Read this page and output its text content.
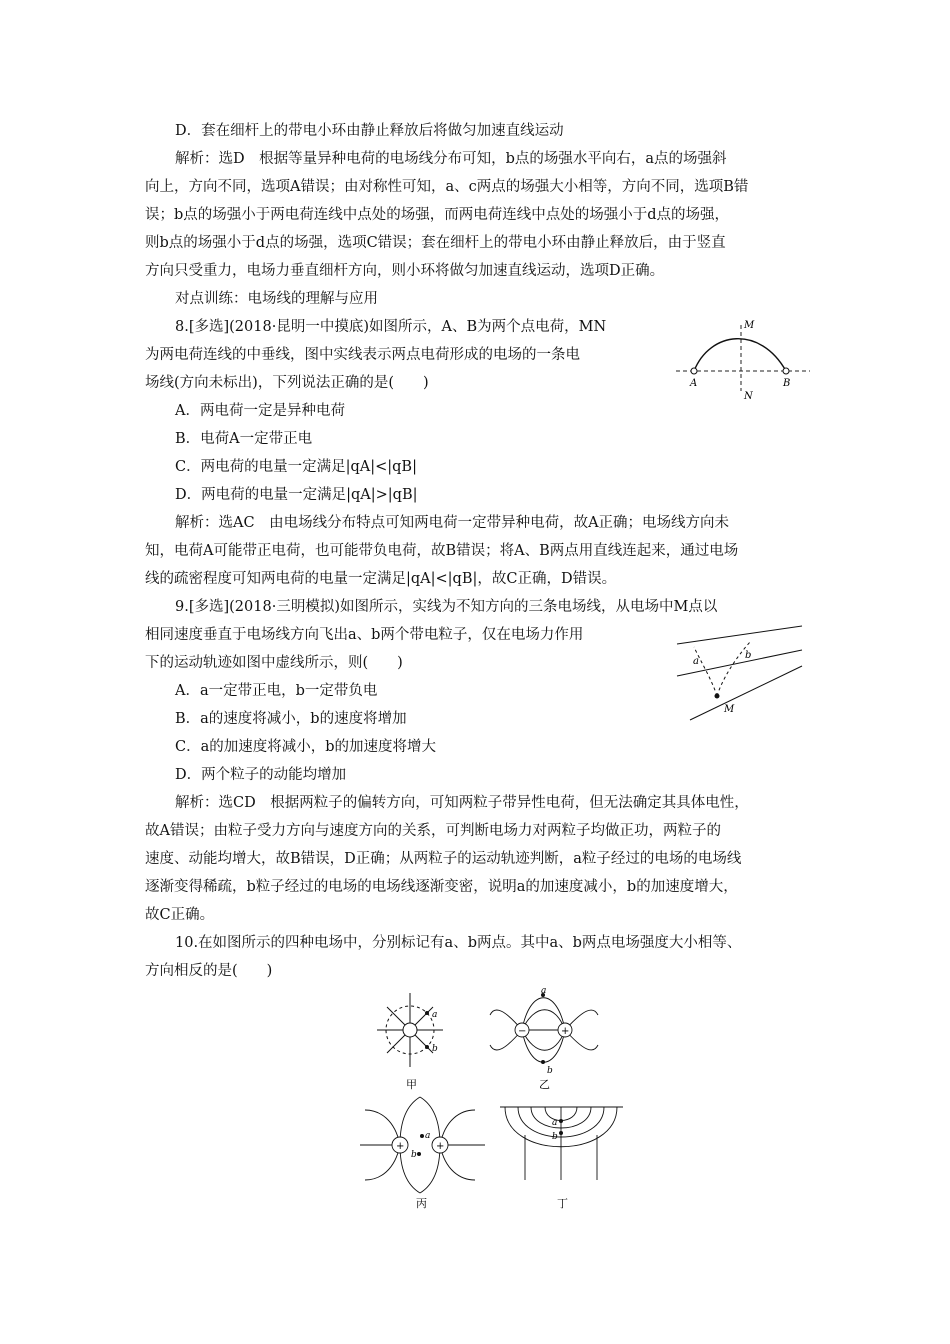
D．套在细杆上的带电小环由静止释放后将做匀加速直线运动
解析：选D　根据等量异种电荷的电场线分布可知，b点的场强水平向右，a点的场强斜
向上，方向不同，选项A错误；由对称性可知，a、c两点的场强大小相等，方向不同，选项B错
误；b点的场强小于两电荷连线中点处的场强，而两电荷连线中点处的场强小于d点的场强，
则b点的场强小于d点的场强，选项C错误；套在细杆上的带电小环由静止释放后，由于竖直
方向只受重力，电场力垂直细杆方向，则小环将做匀加速直线运动，选项D正确。
对点训练：电场线的理解与应用
8.[多选](2018·昆明一中摸底)如图所示，A、B为两个点电荷，MN
为两电荷连线的中垂线，图中实线表示两点电荷形成的电场的一条电
场线(方向未标出)，下列说法正确的是(　　)
A．两电荷一定是异种电荷
B．电荷A一定带正电
C．两电荷的电量一定满足|qA|<|qB|
D．两电荷的电量一定满足|qA|>|qB|
解析：选AC　由电场线分布特点可知两电荷一定带异种电荷，故A正确；电场线方向未
知，电荷A可能带正电荷，也可能带负电荷，故B错误；将A、B两点用直线连起来，通过电场
线的疏密程度可知两电荷的电量一定满足|qA|<|qB|，故C正确，D错误。
M
N
A	B
9.[多选](2018·三明模拟)如图所示，实线为不知方向的三条电场线，从电场中M点以
相同速度垂直于电场线方向飞出a、b两个带电粒子，仅在电场力作用
下的运动轨迹如图中虚线所示，则(　　)
A．a一定带正电，b一定带负电
B．a的速度将减小，b的速度将增加
C．a的加速度将减小，b的加速度将增大
D．两个粒子的动能均增加
解析：选CD　根据两粒子的偏转方向，可知两粒子带异性电荷，但无法确定其具体电性，
故A错误；由粒子受力方向与速度方向的关系，可判断电场力对两粒子均做正功，两粒子的
速度、动能均增大，故B错误，D正确；从两粒子的运动轨迹判断，a粒子经过的电场的电场线
逐渐变得稀疏，b粒子经过的电场的电场线逐渐变密，说明a的加速度减小，b的加速度增大，
故C正确。
a
b
M
10.在如图所示的四种电场中，分别标记有a、b两点。其中a、b两点电场强度大小相等、
方向相反的是(　　)
a
b
甲
−	+
a
b
乙
+	+
a
b
丙
a
b
丁
